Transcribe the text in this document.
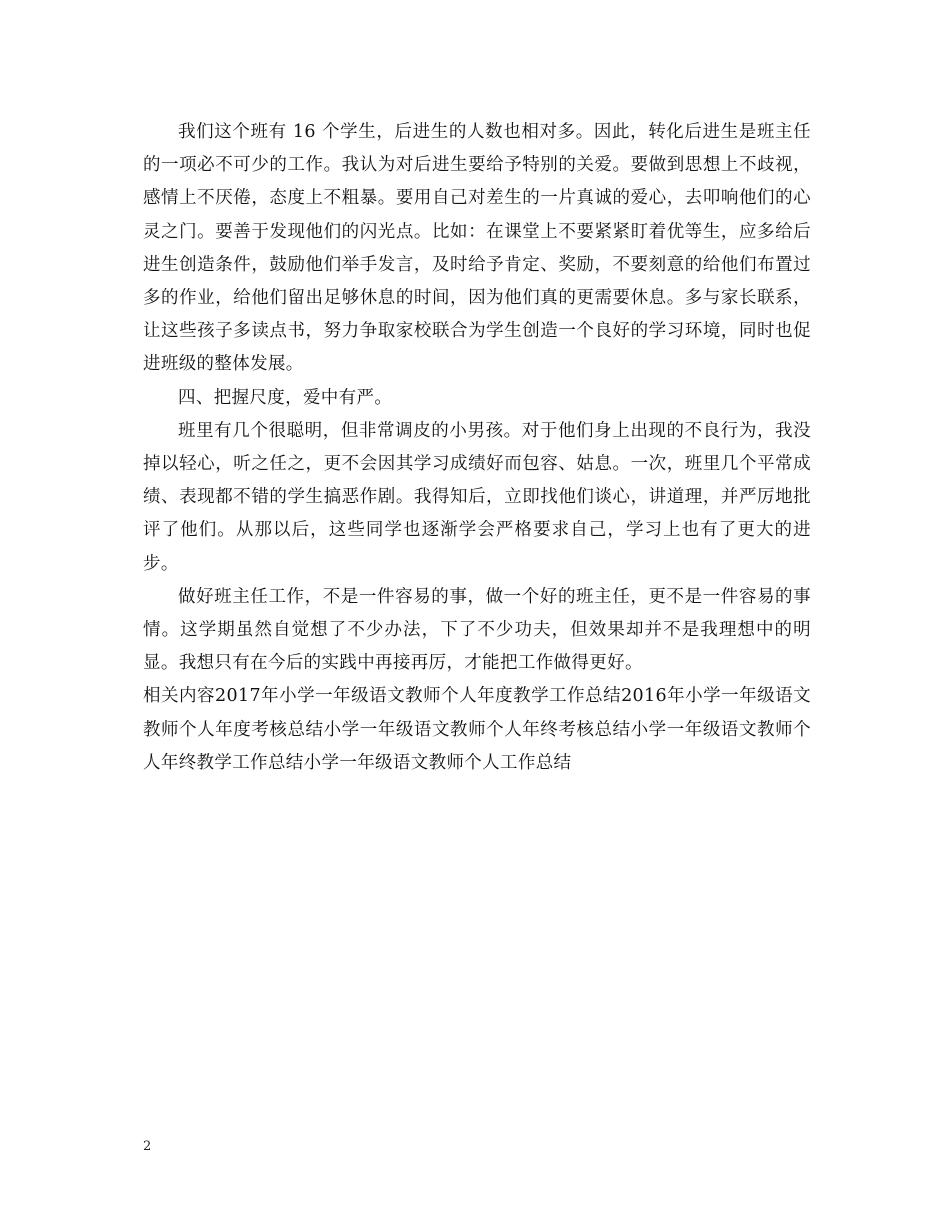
我们这个班有 16 个学生，后进生的人数也相对多。因此，转化后进生是班主任的一项必不可少的工作。我认为对后进生要给予特别的关爱。要做到思想上不歧视，感情上不厌倦，态度上不粗暴。要用自己对差生的一片真诚的爱心，去叩响他们的心灵之门。要善于发现他们的闪光点。比如：在课堂上不要紧紧盯着优等生，应多给后进生创造条件，鼓励他们举手发言，及时给予肯定、奖励，不要刻意的给他们布置过多的作业，给他们留出足够休息的时间，因为他们真的更需要休息。多与家长联系，让这些孩子多读点书，努力争取家校联合为学生创造一个良好的学习环境，同时也促进班级的整体发展。

四、把握尺度，爱中有严。

班里有几个很聪明，但非常调皮的小男孩。对于他们身上出现的不良行为，我没掉以轻心，听之任之，更不会因其学习成绩好而包容、姑息。一次，班里几个平常成绩、表现都不错的学生搞恶作剧。我得知后，立即找他们谈心，讲道理，并严厉地批评了他们。从那以后，这些同学也逐渐学会严格要求自己，学习上也有了更大的进步。

做好班主任工作，不是一件容易的事，做一个好的班主任，更不是一件容易的事情。这学期虽然自觉想了不少办法，下了不少功夫，但效果却并不是我理想中的明显。我想只有在今后的实践中再接再厉，才能把工作做得更好。

相关内容2017年小学一年级语文教师个人年度教学工作总结2016年小学一年级语文教师个人年度考核总结小学一年级语文教师个人年终考核总结小学一年级语文教师个人年终教学工作总结小学一年级语文教师个人工作总结

2
